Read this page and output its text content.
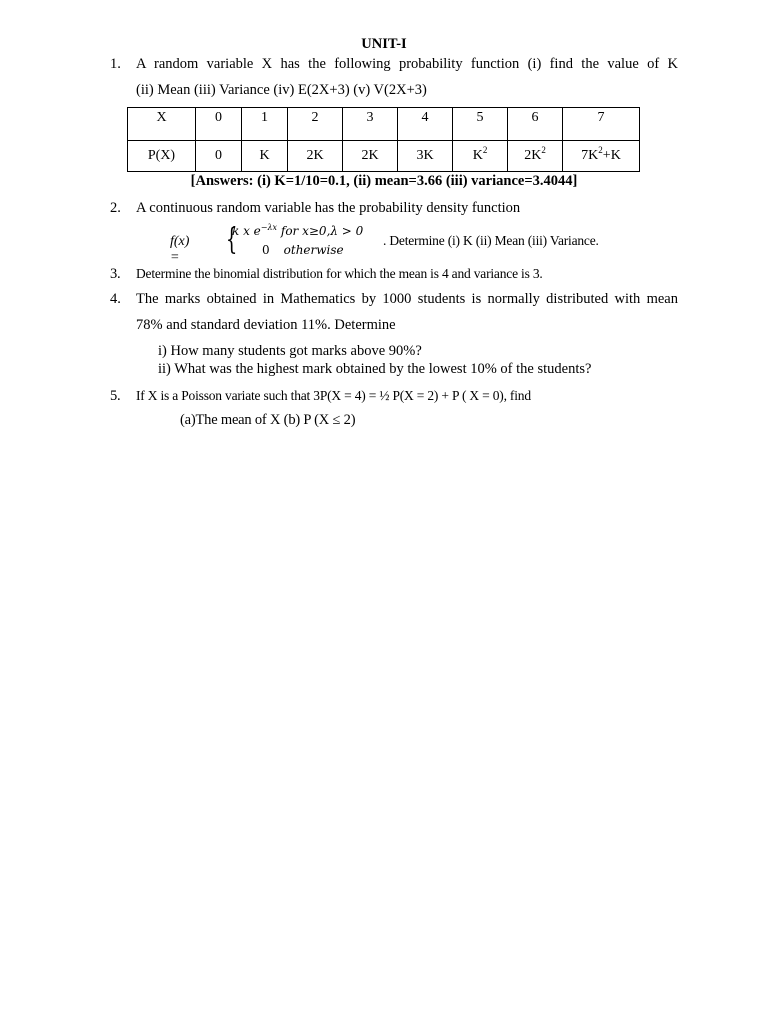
UNIT-I
1. A random variable X has the following probability function (i) find the value of K
(ii) Mean (iii) Variance (iv) E(2X+3) (v) V(2X+3)
X	0	1	2	3	4	5	6	7
P(X)	0	K	2K	2K	3K	$K^2$	$2K^2$	$7K^2+K$
[Answers: (i) K=1/10=0.1, (ii) mean=3.66 (iii) variance=3.4044]
2. A continuous random variable has the probability density function
f(x) =
{
k x $e^{-\lambda x}$ for x≥0,λ > 0
0 otherwise
. Determine (i) K (ii) Mean (iii) Variance.
3. Determine the binomial distribution for which the mean is 4 and variance is 3.
4. The marks obtained in Mathematics by 1000 students is normally distributed with mean
78% and standard deviation 11%. Determine
i) How many students got marks above 90%?
ii) What was the highest mark obtained by the lowest 10% of the students?
5. If X is a Poisson variate such that 3P(X = 4) = ½ P(X = 2) + P ( X = 0), find
(a)The mean of X (b) P (X ≤ 2)
